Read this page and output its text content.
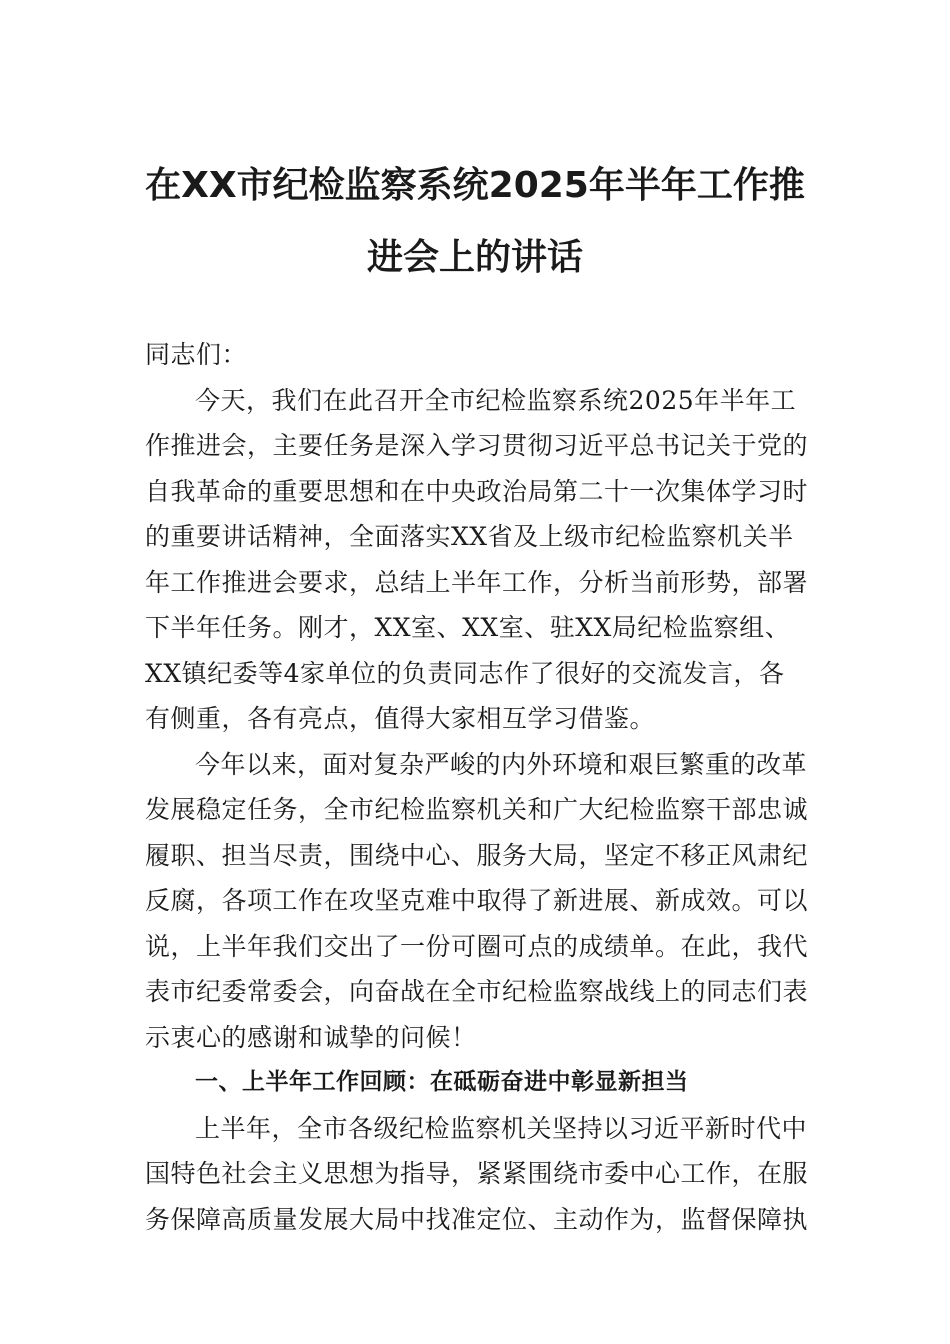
在XX市纪检监察系统2025年半年工作推
进会上的讲话
同志们：
今天，我们在此召开全市纪检监察系统2025年半年工
作推进会，主要任务是深入学习贯彻习近平总书记关于党的
自我革命的重要思想和在中央政治局第二十一次集体学习时
的重要讲话精神，全面落实XX省及上级市纪检监察机关半
年工作推进会要求，总结上半年工作，分析当前形势，部署
下半年任务。刚才，XX室、XX室、驻XX局纪检监察组、
XX镇纪委等4家单位的负责同志作了很好的交流发言，各
有侧重，各有亮点，值得大家相互学习借鉴。
今年以来，面对复杂严峻的内外环境和艰巨繁重的改革
发展稳定任务，全市纪检监察机关和广大纪检监察干部忠诚
履职、担当尽责，围绕中心、服务大局，坚定不移正风肃纪
反腐，各项工作在攻坚克难中取得了新进展、新成效。可以
说，上半年我们交出了一份可圈可点的成绩单。在此，我代
表市纪委常委会，向奋战在全市纪检监察战线上的同志们表
示衷心的感谢和诚挚的问候！
一、上半年工作回顾：在砥砺奋进中彰显新担当
上半年，全市各级纪检监察机关坚持以习近平新时代中
国特色社会主义思想为指导，紧紧围绕市委中心工作，在服
务保障高质量发展大局中找准定位、主动作为，监督保障执
